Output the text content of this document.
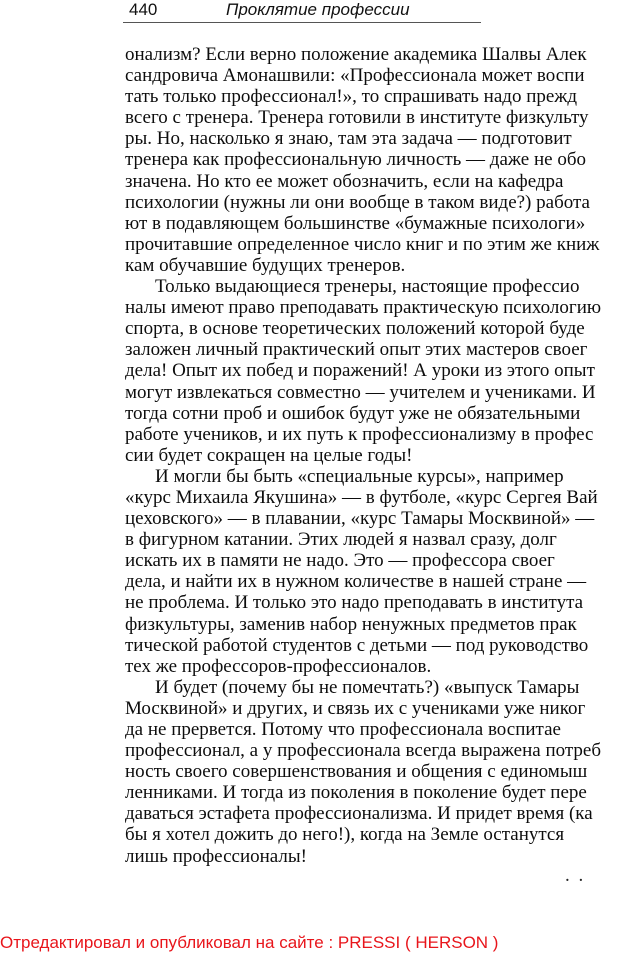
440	Проклятие профессии
онализм? Если верно положение академика Шалвы Алек
сандровича Амонашвили: «Профессионала может воспи
тать только профессионал!», то спрашивать надо прежд
всего с тренера. Тренера готовили в институте физкульту
ры. Но, насколько я знаю, там эта задача — подготовит
тренера как профессиональную личность — даже не обо
значена. Но кто ее может обозначить, если на кафедра
психологии (нужны ли они вообще в таком виде?) работа
ют в подавляющем большинстве «бумажные психологи»
прочитавшие определенное число книг и по этим же книж
кам обучавшие будущих тренеров.
Только выдающиеся тренеры, настоящие профессио
налы имеют право преподавать практическую психологию
спорта, в основе теоретических положений которой буде
заложен личный практический опыт этих мастеров своег
дела! Опыт их побед и поражений! А уроки из этого опыт
могут извлекаться совместно — учителем и учениками. И
тогда сотни проб и ошибок будут уже не обязательными
работе учеников, и их путь к профессионализму в профес
сии будет сокращен на целые годы!
И могли бы быть «специальные курсы», например
«курс Михаила Якушина» — в футболе, «курс Сергея Вай
цеховского» — в плавании, «курс Тамары Москвиной» —
в фигурном катании. Этих людей я назвал сразу, долг
искать их в памяти не надо. Это — профессора своег
дела, и найти их в нужном количестве в нашей стране —
не проблема. И только это надо преподавать в института
физкультуры, заменив набор ненужных предметов прак
тической работой студентов с детьми — под руководство
тех же профессоров-профессионалов.
И будет (почему бы не помечтать?) «выпуск Тамары
Москвиной» и других, и связь их с учениками уже никог
да не прервется. Потому что профессионала воспитае
профессионал, а у профессионала всегда выражена потреб
ность своего совершенствования и общения с единомыш
ленниками. И тогда из поколения в поколение будет пере
даваться эстафета профессионализма. И придет время (ка
бы я хотел дожить до него!), когда на Земле останутся
лишь профессионалы!
. .
Отредактировал и опубликовал на сайте : PRESSI ( HERSON )
